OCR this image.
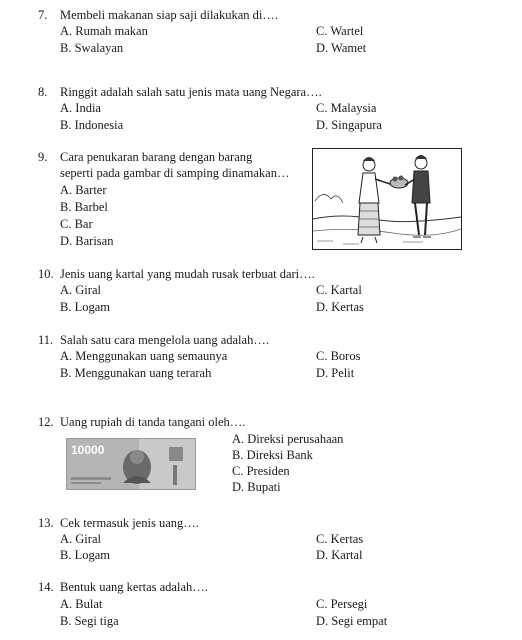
7. Membeli makanan siap saji dilakukan di….
A. Rumah makan	C. Wartel
B. Swalayan	D. Wamet
8. Ringgit adalah salah satu jenis mata uang Negara….
A. India	C. Malaysia
B. Indonesia	D. Singapura
9. Cara penukaran barang dengan barang
seperti pada gambar di samping dinamakan…
A. Barter
B. Barbel
C. Bar
D. Barisan
10. Jenis uang kartal yang mudah rusak terbuat dari….
A. Giral	C. Kartal
B. Logam	D. Kertas
11. Salah satu cara mengelola uang adalah….
A. Menggunakan uang semaunya	C. Boros
B. Menggunakan uang terarah	D. Pelit
12. Uang rupiah di tanda tangani oleh….
10000
A. Direksi perusahaan
B. Direksi Bank
C. Presiden
D. Bupati
13. Cek termasuk jenis uang….
A. Giral	C. Kertas
B. Logam	D. Kartal
14. Bentuk uang kertas adalah….
A. Bulat	C. Persegi
B. Segi tiga	D. Segi empat
